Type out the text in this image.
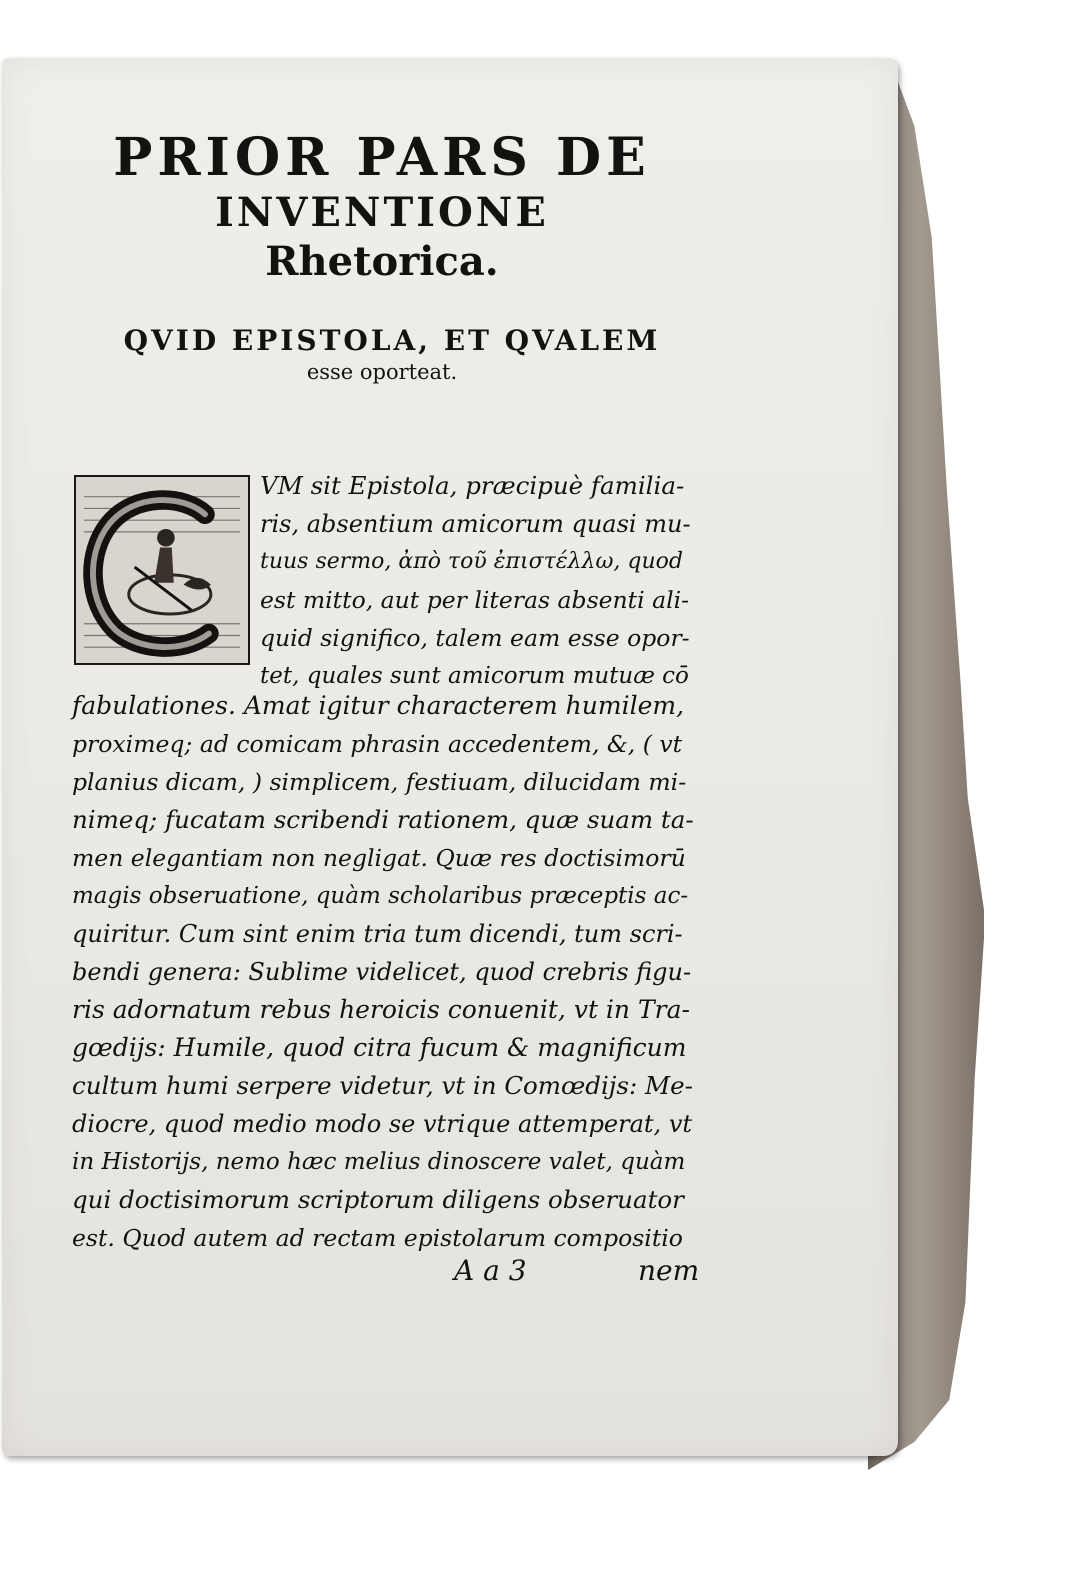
PRIOR PARS DE
INVENTIONE
Rhetorica.
QVID EPISTOLA, ET QVALEM

esse oporteat.

VM sit Epistola, præcipuè familia-

ris, absentium amicorum quasi mu-

tuus sermo, ἀπὸ τοῦ ἐπιστέλλω, quod

est mitto, aut per literas absenti ali-

quid significo, talem eam esse opor-

tet, quales sunt amicorum mutuæ cō

fabulationes. Amat igitur characterem humilem,

proximeq; ad comicam phrasin accedentem, &, ( vt

planius dicam, ) simplicem, festiuam, dilucidam mi-

nimeq; fucatam scribendi rationem, quæ suam ta-

men elegantiam non negligat. Quæ res doctisimorū

magis obseruatione, quàm scholaribus præceptis ac-

quiritur. Cum sint enim tria tum dicendi, tum scri-

bendi genera: Sublime videlicet, quod crebris figu-

ris adornatum rebus heroicis conuenit, vt in Tra-

gœdijs: Humile, quod citra fucum & magnificum

cultum humi serpere videtur, vt in Comœdijs: Me-

diocre, quod medio modo se vtrique attemperat, vt

in Historijs, nemo hæc melius dinoscere valet, quàm

qui doctisimorum scriptorum diligens obseruator

est. Quod autem ad rectam epistolarum compositio

A a 3	nem
